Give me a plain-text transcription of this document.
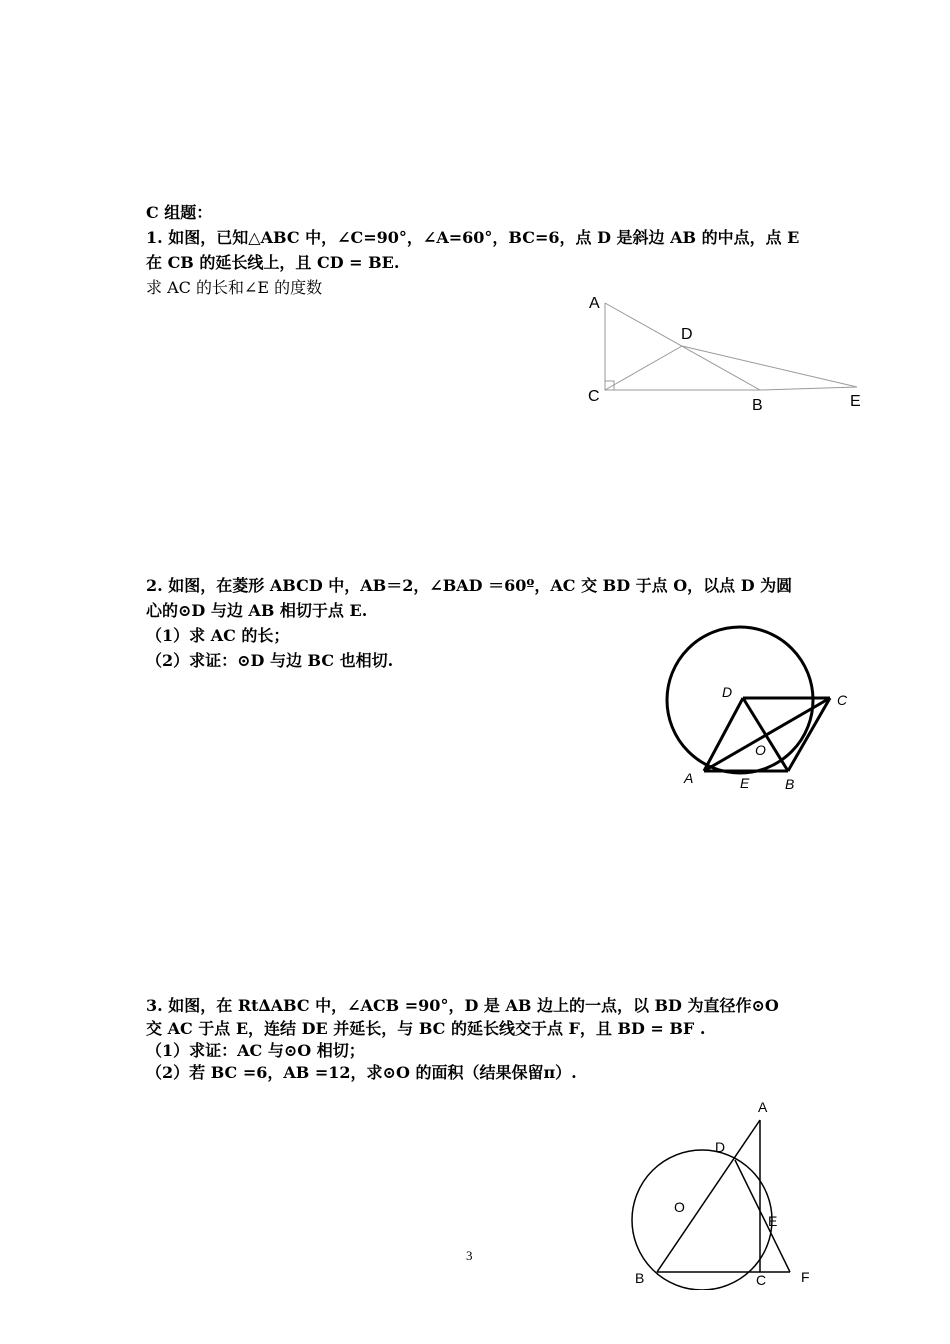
C 组题：
1. 如图，已知△ABC 中，∠C=90°，∠A=60°，BC=6，点 D 是斜边 AB 的中点，点 E
在 CB 的延长线上，且 CD = BE.
求 AC 的长和∠E 的度数
A
D
C
B	E
2. 如图，在菱形 ABCD 中，AB＝2，∠BAD ＝60º，AC 交 BD 于点 O，以点 D 为圆
心的⊙D 与边 AB 相切于点 E.
（1）求 AC 的长；
（2）求证：⊙D 与边 BC 也相切.
D	C
O
A	E	B
3. 如图，在 Rt∆ABC 中，∠ACB =90°，D 是 AB 边上的一点，以 BD 为直径作⊙O
交 AC 于点 E，连结 DE 并延长，与 BC 的延长线交于点 F，且 BD = BF .
（1）求证：AC 与⊙O 相切；
（2）若 BC =6，AB =12，求⊙O 的面积（结果保留π）.
A
D
O
E
B	C F
3
